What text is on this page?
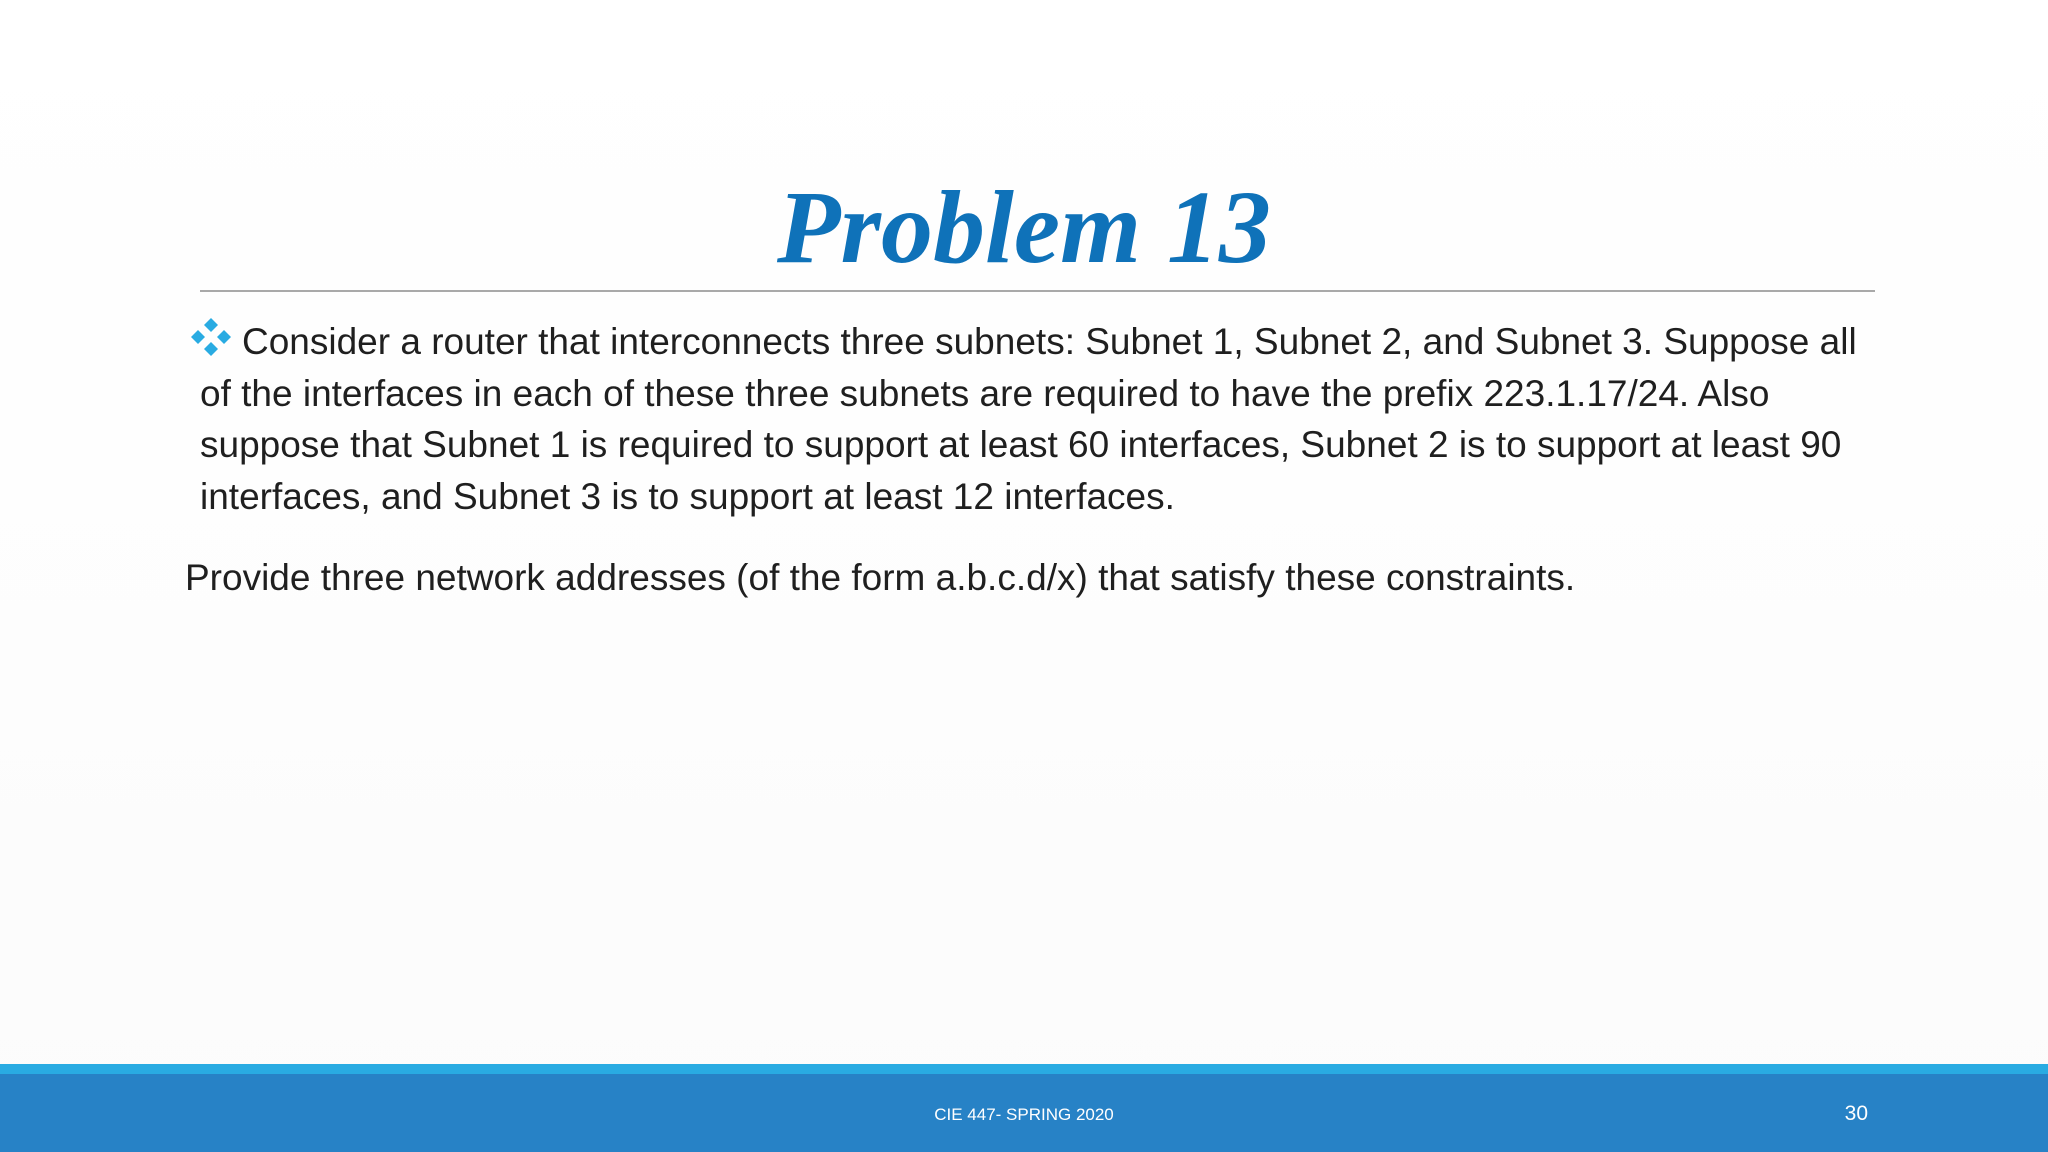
Problem 13

Consider a router that interconnects three subnets: Subnet 1, Subnet 2, and Subnet 3. Suppose all of the interfaces in each of these three subnets are required to have the prefix 223.1.17/24. Also suppose that Subnet 1 is required to support at least 60 interfaces, Subnet 2 is to support at least 90 interfaces, and Subnet 3 is to support at least 12 interfaces.

Provide three network addresses (of the form a.b.c.d/x) that satisfy these constraints.

CIE 447- SPRING 2020	30
